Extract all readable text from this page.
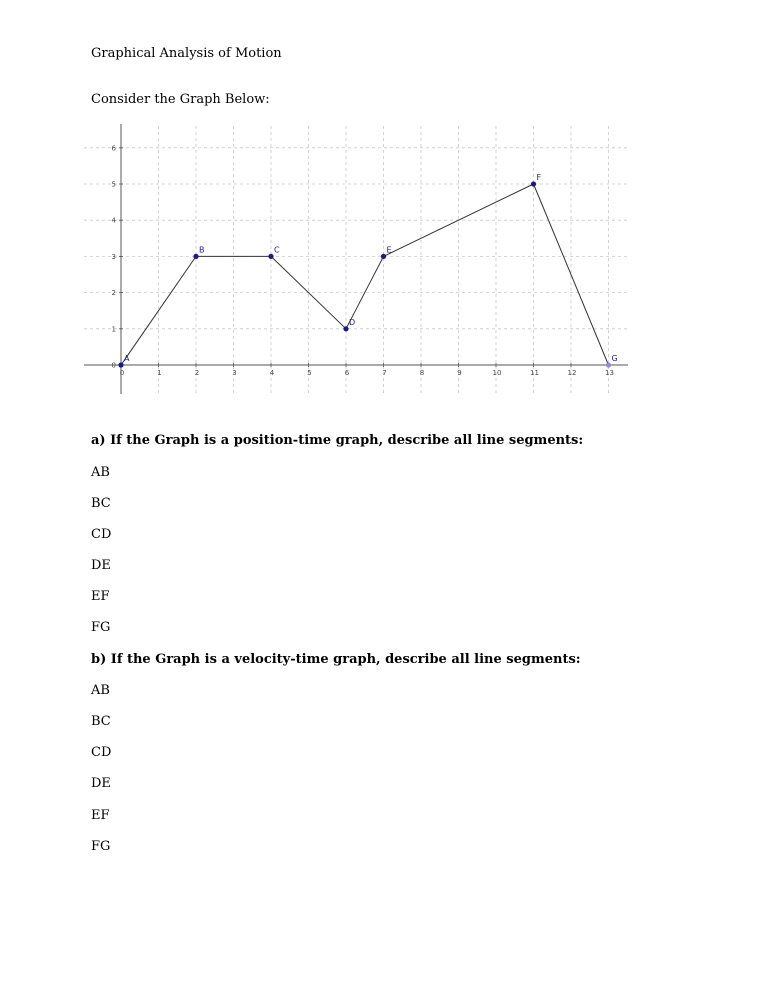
Graphical Analysis of Motion
Consider the Graph Below:
0	1	2	3	4	5	6	7	8	9	10	11	12	13
0
1
2
3
4
5
6
A
B	C
D
E
F
G
a) If the Graph is a position-time graph, describe all line segments:
AB
BC
CD
DE
EF
FG
b) If the Graph is a velocity-time graph, describe all line segments:
AB
BC
CD
DE
EF
FG
